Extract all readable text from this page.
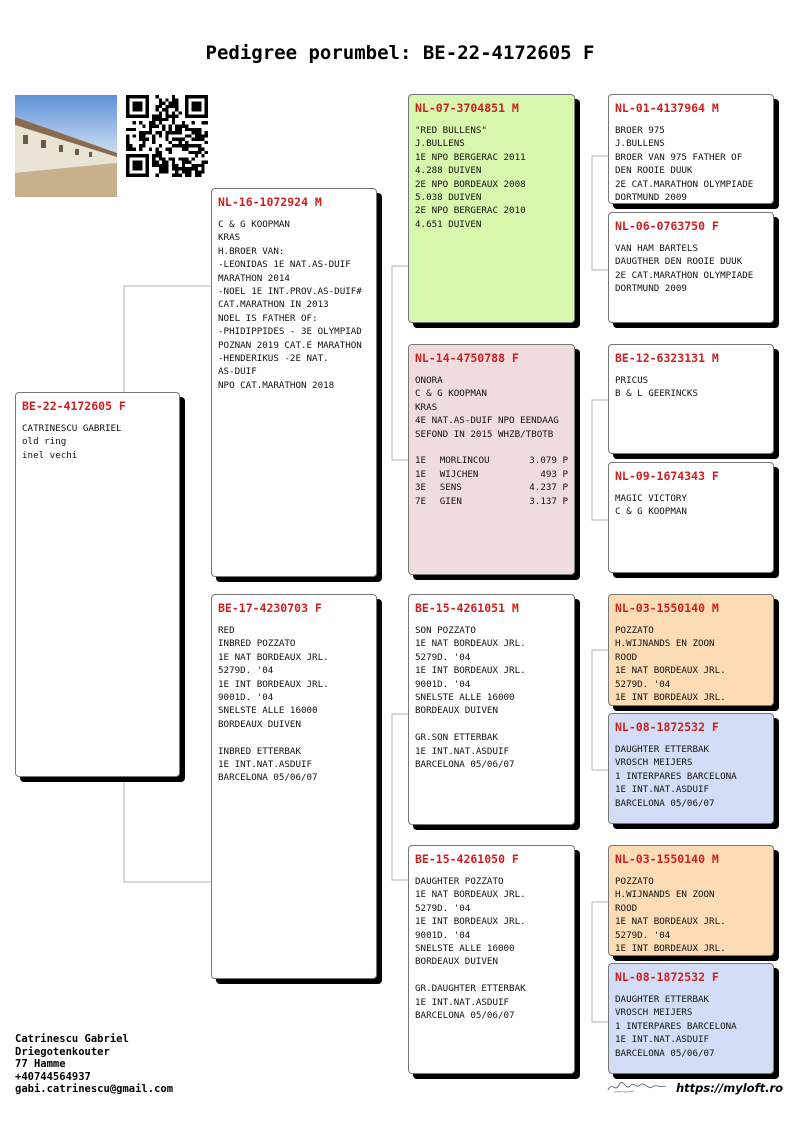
Pedigree porumbel: BE-22-4172605 F
BE-22-4172605 F
CATRINESCU GABRIEL
old ring
inel vechi
NL-16-1072924 M
C & G KOOPMAN
KRAS
H.BROER VAN:
-LEONIDAS 1E NAT.AS-DUIF
MARATHON 2014
-NOEL 1E INT.PROV.AS-DUIF#
CAT.MARATHON IN 2013
NOEL IS FATHER OF:
-PHIDIPPIDES - 3E OLYMPIAD
POZNAN 2019 CAT.E MARATHON
-HENDERIKUS -2E NAT.
AS-DUIF
NPO CAT.MARATHON 2018
BE-17-4230703 F
RED
INBRED POZZATO
1E NAT BORDEAUX JRL.
5279D. '04
1E INT BORDEAUX JRL.
9001D. '04
SNELSTE ALLE 16000
BORDEAUX DUIVEN
INBRED ETTERBAK
1E INT.NAT.ASDUIF
BARCELONA 05/06/07
NL-07-3704851 M
"RED BULLENS"
J.BULLENS
1E NPO BERGERAC 2011
4.288 DUIVEN
2E NPO BORDEAUX 2008
5.038 DUIVEN
2E NPO BERGERAC 2010
4.651 DUIVEN
NL-14-4750788 F
ONORA
C & G KOOPMAN
KRAS
4E NAT.AS-DUIF NPO EENDAAG
SEFOND IN 2015 WHZB/TBOTB
1E	MORLINCOU	3.079 P
1E	WIJCHEN	493 P
3E	SENS	4.237 P
7E	GIEN	3.137 P
BE-15-4261051 M
SON POZZATO
1E NAT BORDEAUX JRL.
5279D. '04
1E INT BORDEAUX JRL.
9001D. '04
SNELSTE ALLE 16000
BORDEAUX DUIVEN
GR.SON ETTERBAK
1E INT.NAT.ASDUIF
BARCELONA 05/06/07
BE-15-4261050 F
DAUGHTER POZZATO
1E NAT BORDEAUX JRL.
5279D. '04
1E INT BORDEAUX JRL.
9001D. '04
SNELSTE ALLE 16000
BORDEAUX DUIVEN
GR.DAUGHTER ETTERBAK
1E INT.NAT.ASDUIF
BARCELONA 05/06/07
NL-01-4137964 M
BROER 975
J.BULLENS
BROER VAN 975 FATHER OF
DEN ROOIE DUUK
2E CAT.MARATHON OLYMPIADE
DORTMUND 2009
NL-06-0763750 F
VAN HAM BARTELS
DAUGTHER DEN ROOIE DUUK
2E CAT.MARATHON OLYMPIADE
DORTMUND 2009
BE-12-6323131 M
PRICUS
B & L GEERINCKS
NL-09-1674343 F
MAGIC VICTORY
C & G KOOPMAN
NL-03-1550140 M
POZZATO
H.WIJNANDS EN ZOON
ROOD
1E NAT BORDEAUX JRL.
5279D. '04
1E INT BORDEAUX JRL.
NL-08-1872532 F
DAUGHTER ETTERBAK
VROSCH MEIJERS
1 INTERPARES BARCELONA
1E INT.NAT.ASDUIF
BARCELONA 05/06/07
NL-03-1550140 M
POZZATO
H.WIJNANDS EN ZOON
ROOD
1E NAT BORDEAUX JRL.
5279D. '04
1E INT BORDEAUX JRL.
NL-08-1872532 F
DAUGHTER ETTERBAK
VROSCH MEIJERS
1 INTERPARES BARCELONA
1E INT.NAT.ASDUIF
BARCELONA 05/06/07
Catrinescu Gabriel
Driegotenkouter
77 Hamme
+40744564937
gabi.catrinescu@gmail.com	https://myloft.ro
